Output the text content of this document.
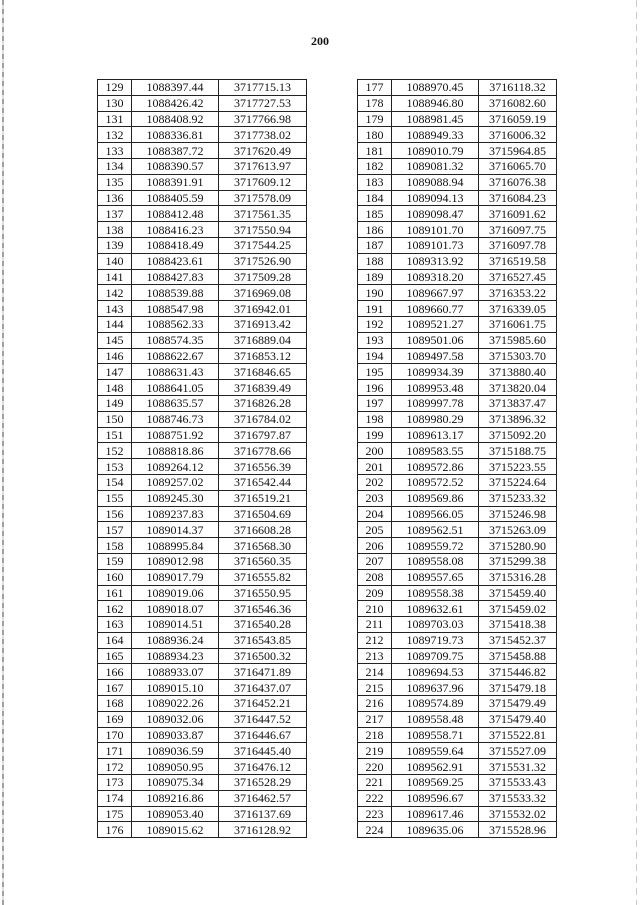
200
129	1088397.44	3717715.13
130	1088426.42	3717727.53
131	1088408.92	3717766.98
132	1088336.81	3717738.02
133	1088387.72	3717620.49
134	1088390.57	3717613.97
135	1088391.91	3717609.12
136	1088405.59	3717578.09
137	1088412.48	3717561.35
138	1088416.23	3717550.94
139	1088418.49	3717544.25
140	1088423.61	3717526.90
141	1088427.83	3717509.28
142	1088539.88	3716969.08
143	1088547.98	3716942.01
144	1088562.33	3716913.42
145	1088574.35	3716889.04
146	1088622.67	3716853.12
147	1088631.43	3716846.65
148	1088641.05	3716839.49
149	1088635.57	3716826.28
150	1088746.73	3716784.02
151	1088751.92	3716797.87
152	1088818.86	3716778.66
153	1089264.12	3716556.39
154	1089257.02	3716542.44
155	1089245.30	3716519.21
156	1089237.83	3716504.69
157	1089014.37	3716608.28
158	1088995.84	3716568.30
159	1089012.98	3716560.35
160	1089017.79	3716555.82
161	1089019.06	3716550.95
162	1089018.07	3716546.36
163	1089014.51	3716540.28
164	1088936.24	3716543.85
165	1088934.23	3716500.32
166	1088933.07	3716471.89
167	1089015.10	3716437.07
168	1089022.26	3716452.21
169	1089032.06	3716447.52
170	1089033.87	3716446.67
171	1089036.59	3716445.40
172	1089050.95	3716476.12
173	1089075.34	3716528.29
174	1089216.86	3716462.57
175	1089053.40	3716137.69
176	1089015.62	3716128.92
177	1088970.45	3716118.32
178	1088946.80	3716082.60
179	1088981.45	3716059.19
180	1088949.33	3716006.32
181	1089010.79	3715964.85
182	1089081.32	3716065.70
183	1089088.94	3716076.38
184	1089094.13	3716084.23
185	1089098.47	3716091.62
186	1089101.70	3716097.75
187	1089101.73	3716097.78
188	1089313.92	3716519.58
189	1089318.20	3716527.45
190	1089667.97	3716353.22
191	1089660.77	3716339.05
192	1089521.27	3716061.75
193	1089501.06	3715985.60
194	1089497.58	3715303.70
195	1089934.39	3713880.40
196	1089953.48	3713820.04
197	1089997.78	3713837.47
198	1089980.29	3713896.32
199	1089613.17	3715092.20
200	1089583.55	3715188.75
201	1089572.86	3715223.55
202	1089572.52	3715224.64
203	1089569.86	3715233.32
204	1089566.05	3715246.98
205	1089562.51	3715263.09
206	1089559.72	3715280.90
207	1089558.08	3715299.38
208	1089557.65	3715316.28
209	1089558.38	3715459.40
210	1089632.61	3715459.02
211	1089703.03	3715418.38
212	1089719.73	3715452.37
213	1089709.75	3715458.88
214	1089694.53	3715446.82
215	1089637.96	3715479.18
216	1089574.89	3715479.49
217	1089558.48	3715479.40
218	1089558.71	3715522.81
219	1089559.64	3715527.09
220	1089562.91	3715531.32
221	1089569.25	3715533.43
222	1089596.67	3715533.32
223	1089617.46	3715532.02
224	1089635.06	3715528.96
